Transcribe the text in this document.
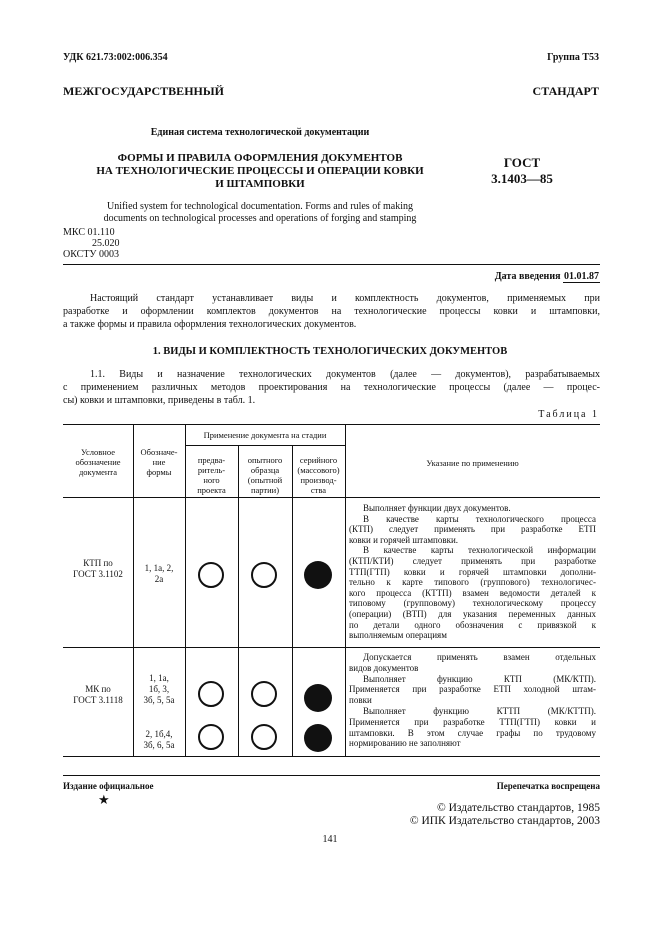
УДК 621.73:002:006.354	Группа Т53
МЕЖГОСУДАРСТВЕННЫЙ СТАНДАРТ
Единая система технологической документации
ФОРМЫ И ПРАВИЛА ОФОРМЛЕНИЯ ДОКУМЕНТОВ
НА ТЕХНОЛОГИЧЕСКИЕ ПРОЦЕССЫ И ОПЕРАЦИИ КОВКИ
И ШТАМПОВКИ
ГОСТ
3.1403—85
Unified system for technological documentation. Forms and rules of making
documents on technological processes and operations of forging and stamping
МКС 01.110
25.020
ОКСТУ 0003
Дата введения 01.01.87
Настоящий стандарт устанавливает виды и комплектность документов, применяемых при
разработке и оформлении комплектов документов на технологические процессы ковки и штамповки,
а также формы и правила оформления технологических документов.
1. ВИДЫ И КОМПЛЕКТНОСТЬ ТЕХНОЛОГИЧЕСКИХ ДОКУМЕНТОВ
1.1. Виды и назначение технологических документов (далее — документов), разрабатываемых
с применением различных методов проектирования на технологические процессы (далее — процес-
сы) ковки и штамповки, приведены в табл. 1.
Таблица 1
Условное
обозначение
документа
Обозначе-
ние
формы
Применение документа на стадии
предва-
ритель-
ного
проекта
опытного
образца
(опытной
партии)
серийного
(массового)
производ-
ства
Указание по применению
КТП по
ГОСТ 3.1102
1, 1а, 2,
2а
Выполняет функции двух документов.
В качестве карты технологического процесса
(КТП) следует применять при разработке ЕТП
ковки и горячей штамповки.
В качестве карты технологической информации
(КТП/КТИ) следует применять при разработке
ТТП(ГТП) ковки и горячей штамповки дополни-
тельно к карте типового (группового) технологичес-
кого процесса (КТТП) взамен ведомости деталей к
типовому (групповому) технологическому процессу
(операции) (ВТП) для указания переменных данных
по детали одного обозначения с привязкой к
выполняемым операциям
МК по
ГОСТ 3.1118
1, 1а,
1б, 3,
3б, 5, 5а
2, 1б,4,
3б, 6, 5а
Допускается применять взамен отдельных
видов документов
Выполняет функцию КТП (МК/КТП).
Применяется при разработке ЕТП холодной штам-
повки
Выполняет функцию КТТП (МК/КТТП).
Применяется при разработке ТТП(ГТП) ковки и
штамповки. В этом случае графы по трудовому
нормированию не заполняют
Издание официальное	Перепечатка воспрещена
★
© Издательство стандартов, 1985
© ИПК Издательство стандартов, 2003
141
